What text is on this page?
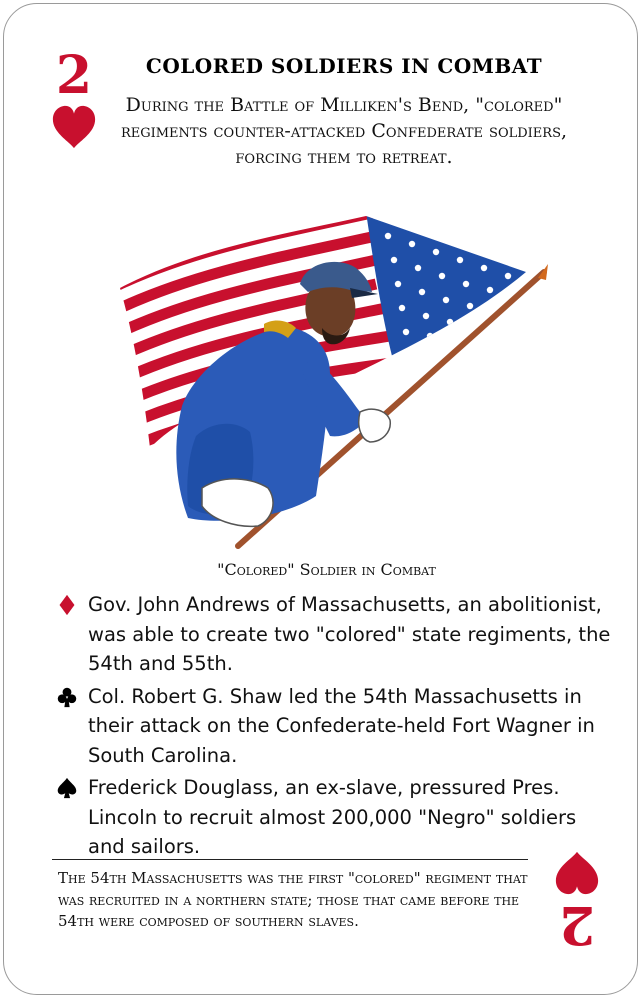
2	COLORED SOLDIERS IN COMBAT
During the Battle of Milliken's Bend, "colored" regiments counter-attacked Confederate soldiers, forcing them to retreat.
"Colored" Soldier in Combat
Gov. John Andrews of Massachusetts, an abolitionist, was able to create two "colored" state regiments, the 54th and 55th.
Col. Robert G. Shaw led the 54th Massachusetts in their attack on the Confederate-held Fort Wagner in South Carolina.
Frederick Douglass, an ex-slave, pressured Pres. Lincoln to recruit almost 200,000 "Negro" soldiers and sailors.
The 54th Massachusetts was the first "colored" regiment that was recruited in a northern state; those that came before the 54th were composed of southern slaves.	2
